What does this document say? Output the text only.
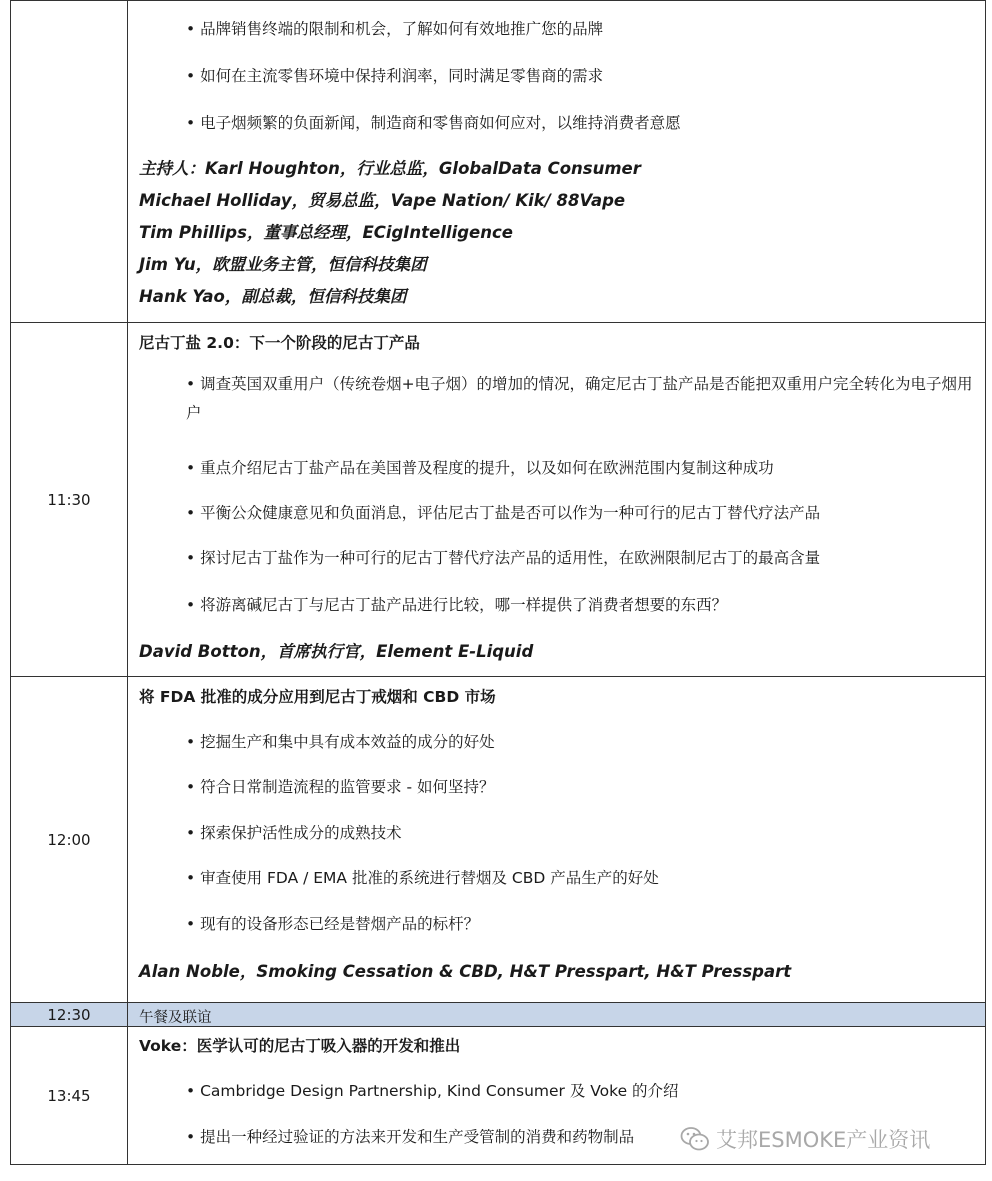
• 品牌销售终端的限制和机会，了解如何有效地推广您的品牌
• 如何在主流零售环境中保持利润率，同时满足零售商的需求
• 电子烟频繁的负面新闻，制造商和零售商如何应对，以维持消费者意愿
主持人：Karl Houghton，行业总监，GlobalData Consumer
Michael Holliday，贸易总监，Vape Nation/ Kik/ 88Vape
Tim Phillips，董事总经理，ECigIntelligence
Jim Yu，欧盟业务主管，恒信科技集团
Hank Yao，副总裁，恒信科技集团
11:30
尼古丁盐 2.0：下一个阶段的尼古丁产品
• 调查英国双重用户（传统卷烟+电子烟）的增加的情况，确定尼古丁盐产品是否能把双重用户完全转化为电子烟用户
• 重点介绍尼古丁盐产品在美国普及程度的提升，以及如何在欧洲范围内复制这种成功
• 平衡公众健康意见和负面消息，评估尼古丁盐是否可以作为一种可行的尼古丁替代疗法产品
• 探讨尼古丁盐作为一种可行的尼古丁替代疗法产品的适用性，在欧洲限制尼古丁的最高含量
• 将游离碱尼古丁与尼古丁盐产品进行比较，哪一样提供了消费者想要的东西？
David Botton，首席执行官，Element E-Liquid
12:00
将 FDA 批准的成分应用到尼古丁戒烟和 CBD 市场
• 挖掘生产和集中具有成本效益的成分的好处
• 符合日常制造流程的监管要求 - 如何坚持？
• 探索保护活性成分的成熟技术
• 审查使用 FDA / EMA 批准的系统进行替烟及 CBD 产品生产的好处
• 现有的设备形态已经是替烟产品的标杆？
Alan Noble，Smoking Cessation & CBD, H&T Presspart, H&T Presspart
12:30	午餐及联谊
13:45
Voke：医学认可的尼古丁吸入器的开发和推出
• Cambridge Design Partnership, Kind Consumer 及 Voke 的介绍
• 提出一种经过验证的方法来开发和生产受管制的消费和药物制品	艾邦ESMOKE产业资讯
